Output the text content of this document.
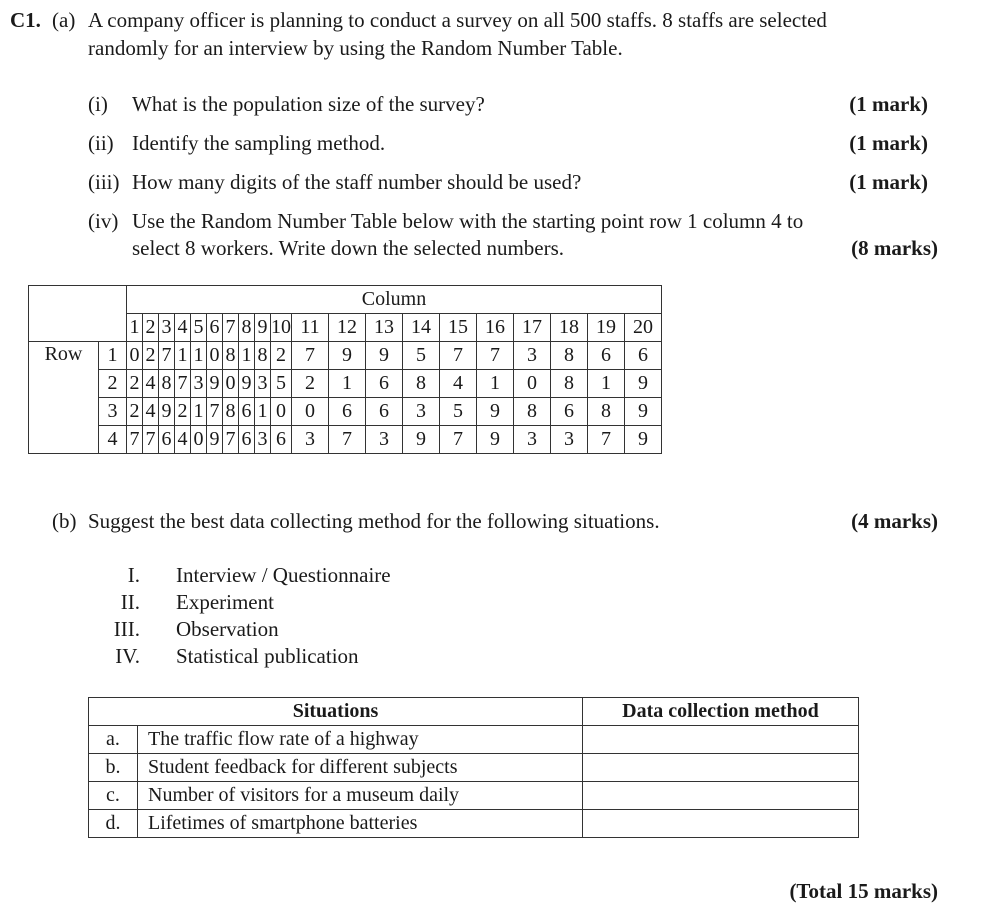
C1. (a) A company officer is planning to conduct a survey on all 500 staffs. 8 staffs are selected
randomly for an interview by using the Random Number Table.
(i) What is the population size of the survey?	(1 mark)
(ii) Identify the sampling method.	(1 mark)
(iii) How many digits of the staff number should be used?	(1 mark)
(iv) Use the Random Number Table below with the starting point row 1 column 4 to
select 8 workers. Write down the selected numbers.	(8 marks)
		Column																			
		1	2	3	4	5	6	7	8	9	10	11	12	13	14	15	16	17	18	19	20
Row	1	0	2	7	1	1	0	8	1	8	2	7	9	9	5	7	7	3	8	6	6
	2	2	4	8	7	3	9	0	9	3	5	2	1	6	8	4	1	0	8	1	9
	3	2	4	9	2	1	7	8	6	1	0	0	6	6	3	5	9	8	6	8	9
	4	7	7	6	4	0	9	7	6	3	6	3	7	3	9	7	9	3	3	7	9
(b) Suggest the best data collecting method for the following situations.	(4 marks)
I. Interview / Questionnaire
II. Experiment
III. Observation
IV. Statistical publication
Situations		Data collection method
a.	The traffic flow rate of a highway	
b.	Student feedback for different subjects	
c.	Number of visitors for a museum daily	
d.	Lifetimes of smartphone batteries	
(Total 15 marks)
